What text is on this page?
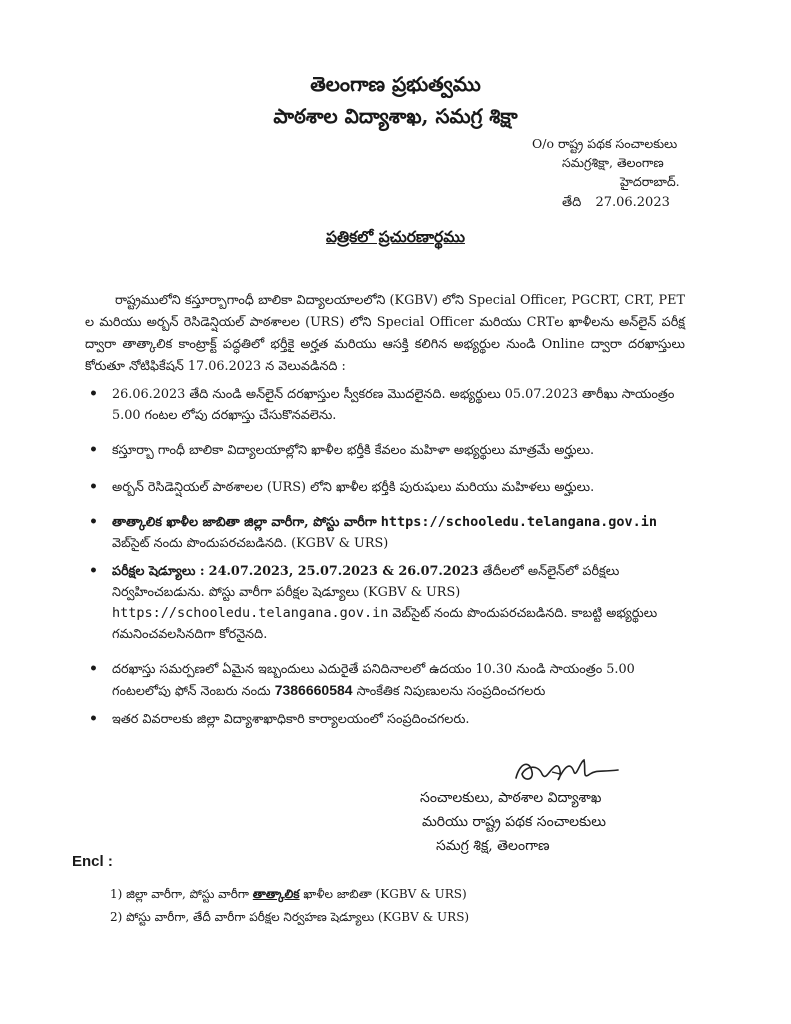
తెలంగాణ ప్రభుత్వము
పాఠశాల విద్యాశాఖ, సమగ్ర శిక్షా
O/o రాష్ట్ర పథక సంచాలకులు
సమగ్రశిక్షా, తెలంగాణ
హైదరాబాద్.
తేది 27.06.2023
పత్రికలో ప్రచురణార్థము
రాష్ట్రములోని కస్తూర్బాగాంధీ బాలికా విద్యాలయాలలోని (KGBV) లోని Special Officer, PGCRT, CRT, PET ల మరియు అర్బన్ రెసిడెన్షియల్ పాఠశాలల (URS) లోని Special Officer మరియు CRTల ఖాళీలను అన్‌లైన్ పరీక్ష ద్వారా తాత్కాలిక కాంట్రాక్ట్ పద్ధతిలో భర్తీకై అర్హత మరియు ఆసక్తి కలిగిన అభ్యర్థుల నుండి Online ద్వారా దరఖాస్తులు కోరుతూ నోటిఫికేషన్ 17.06.2023 న వెలువడినది :
• 26.06.2023 తేది నుండి అన్‌లైన్ దరఖాస్తుల స్వీకరణ మొదలైనది. అభ్యర్థులు 05.07.2023 తారీఖు సాయంత్రం 5.00 గంటల లోపు దరఖాస్తు చేసుకొనవలెను.
• కస్తూర్బా గాంధీ బాలికా విద్యాలయాల్లోని ఖాళీల భర్తీకి కేవలం మహిళా అభ్యర్థులు మాత్రమే అర్హులు.
• అర్బన్ రెసిడెన్షియల్ పాఠశాలల (URS) లోని ఖాళీల భర్తీకి పురుషులు మరియు మహిళలు అర్హులు.
• తాత్కాలిక ఖాళీల జాబితా జిల్లా వారీగా, పోస్టు వారీగా https://schooledu.telangana.gov.in వెబ్‌సైట్ నందు పొందుపరచబడినది. (KGBV & URS)
• పరీక్షల షెడ్యూలు : 24.07.2023, 25.07.2023 & 26.07.2023 తేదీలలో అన్‌లైన్‌లో పరీక్షలు నిర్వహించబడును. పోస్టు వారీగా పరీక్షల షెడ్యూలు (KGBV & URS) https://schooledu.telangana.gov.in వెబ్‌సైట్ నందు పొందుపరచబడినది. కాబట్టి అభ్యర్థులు గమనించవలసినదిగా కోరనైనది.
• దరఖాస్తు సమర్పణలో ఏమైన ఇబ్బందులు ఎదురైతే పనిదినాలలో ఉదయం 10.30 నుండి సాయంత్రం 5.00 గంటలలోపు ఫోన్ నెంబరు నందు 7386660584 సాంకేతిక నిపుణులను సంప్రదించగలరు
• ఇతర వివరాలకు జిల్లా విద్యాశాఖాధికారి కార్యాలయంలో సంప్రదించగలరు.
సంచాలకులు, పాఠశాల విద్యాశాఖ
మరియు రాష్ట్ర పథక సంచాలకులు
సమగ్ర శిక్ష, తెలంగాణ
Encl :
1) జిల్లా వారీగా, పోస్టు వారీగా తాత్కాలిక ఖాళీల జాబితా (KGBV & URS)
2) పోస్టు వారీగా, తేదీ వారీగా పరీక్షల నిర్వహణ షెడ్యూలు (KGBV & URS)
